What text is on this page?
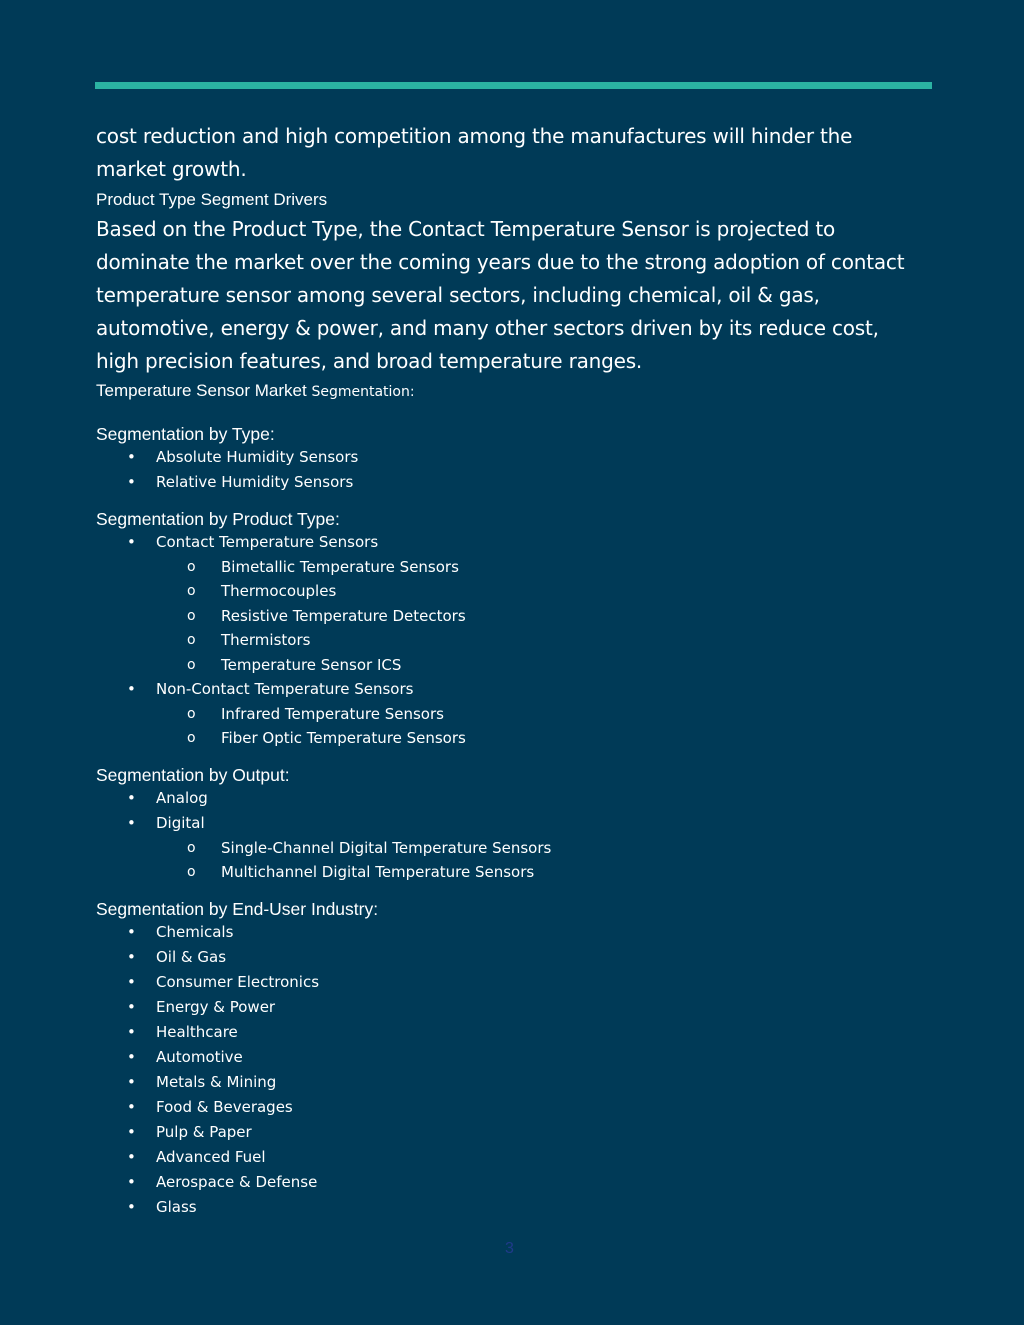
cost reduction and high competition among the manufactures will hinder the market growth.

Product Type Segment Drivers

Based on the Product Type, the Contact Temperature Sensor is projected to dominate the market over the coming years due to the strong adoption of contact temperature sensor among several sectors, including chemical, oil & gas, automotive, energy & power, and many other sectors driven by its reduce cost, high precision features, and broad temperature ranges.

Temperature Sensor Market Segmentation:

Segmentation by Type:

• Absolute Humidity Sensors
• Relative Humidity Sensors

Segmentation by Product Type:

• Contact Temperature Sensors
o Bimetallic Temperature Sensors
o Thermocouples
o Resistive Temperature Detectors
o Thermistors
o Temperature Sensor ICS
• Non-Contact Temperature Sensors
o Infrared Temperature Sensors
o Fiber Optic Temperature Sensors

Segmentation by Output:

• Analog
• Digital
o Single-Channel Digital Temperature Sensors
o Multichannel Digital Temperature Sensors

Segmentation by End-User Industry:

• Chemicals
• Oil & Gas
• Consumer Electronics
• Energy & Power
• Healthcare
• Automotive
• Metals & Mining
• Food & Beverages
• Pulp & Paper
• Advanced Fuel
• Aerospace & Defense
• Glass
3
